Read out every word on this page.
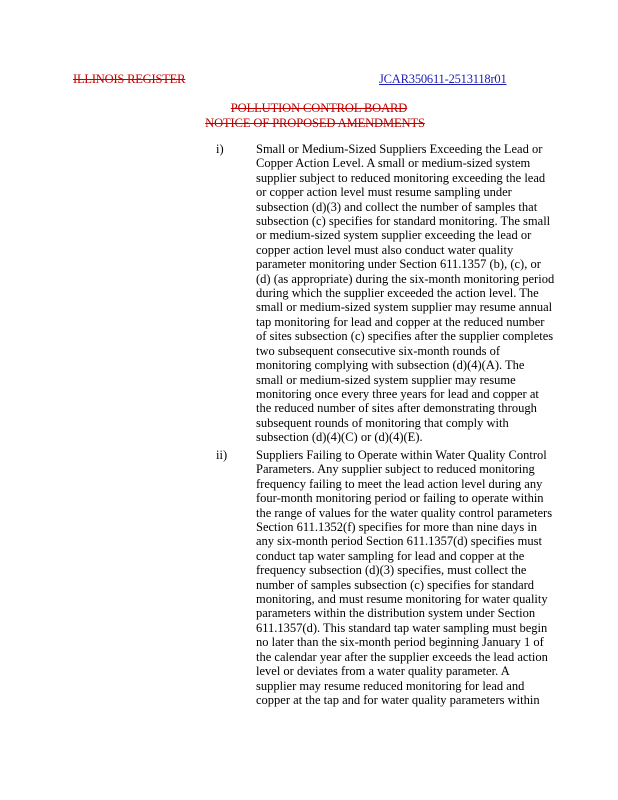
ILLINOIS REGISTER	JCAR350611-2513118r01
POLLUTION CONTROL BOARD
NOTICE OF PROPOSED AMENDMENTS
i)	Small or Medium-Sized Suppliers Exceeding the Lead or
Copper Action Level. A small or medium-sized system
supplier subject to reduced monitoring exceeding the lead
or copper action level must resume sampling under
subsection (d)(3) and collect the number of samples that
subsection (c) specifies for standard monitoring. The small
or medium-sized system supplier exceeding the lead or
copper action level must also conduct water quality
parameter monitoring under Section 611.1357 (b), (c), or
(d) (as appropriate) during the six-month monitoring period
during which the supplier exceeded the action level. The
small or medium-sized system supplier may resume annual
tap monitoring for lead and copper at the reduced number
of sites subsection (c) specifies after the supplier completes
two subsequent consecutive six-month rounds of
monitoring complying with subsection (d)(4)(A). The
small or medium-sized system supplier may resume
monitoring once every three years for lead and copper at
the reduced number of sites after demonstrating through
subsequent rounds of monitoring that comply with
subsection (d)(4)(C) or (d)(4)(E).
ii) Suppliers Failing to Operate within Water Quality Control
Parameters. Any supplier subject to reduced monitoring
frequency failing to meet the lead action level during any
four-month monitoring period or failing to operate within
the range of values for the water quality control parameters
Section 611.1352(f) specifies for more than nine days in
any six-month period Section 611.1357(d) specifies must
conduct tap water sampling for lead and copper at the
frequency subsection (d)(3) specifies, must collect the
number of samples subsection (c) specifies for standard
monitoring, and must resume monitoring for water quality
parameters within the distribution system under Section
611.1357(d). This standard tap water sampling must begin
no later than the six-month period beginning January 1 of
the calendar year after the supplier exceeds the lead action
level or deviates from a water quality parameter. A
supplier may resume reduced monitoring for lead and
copper at the tap and for water quality parameters within
